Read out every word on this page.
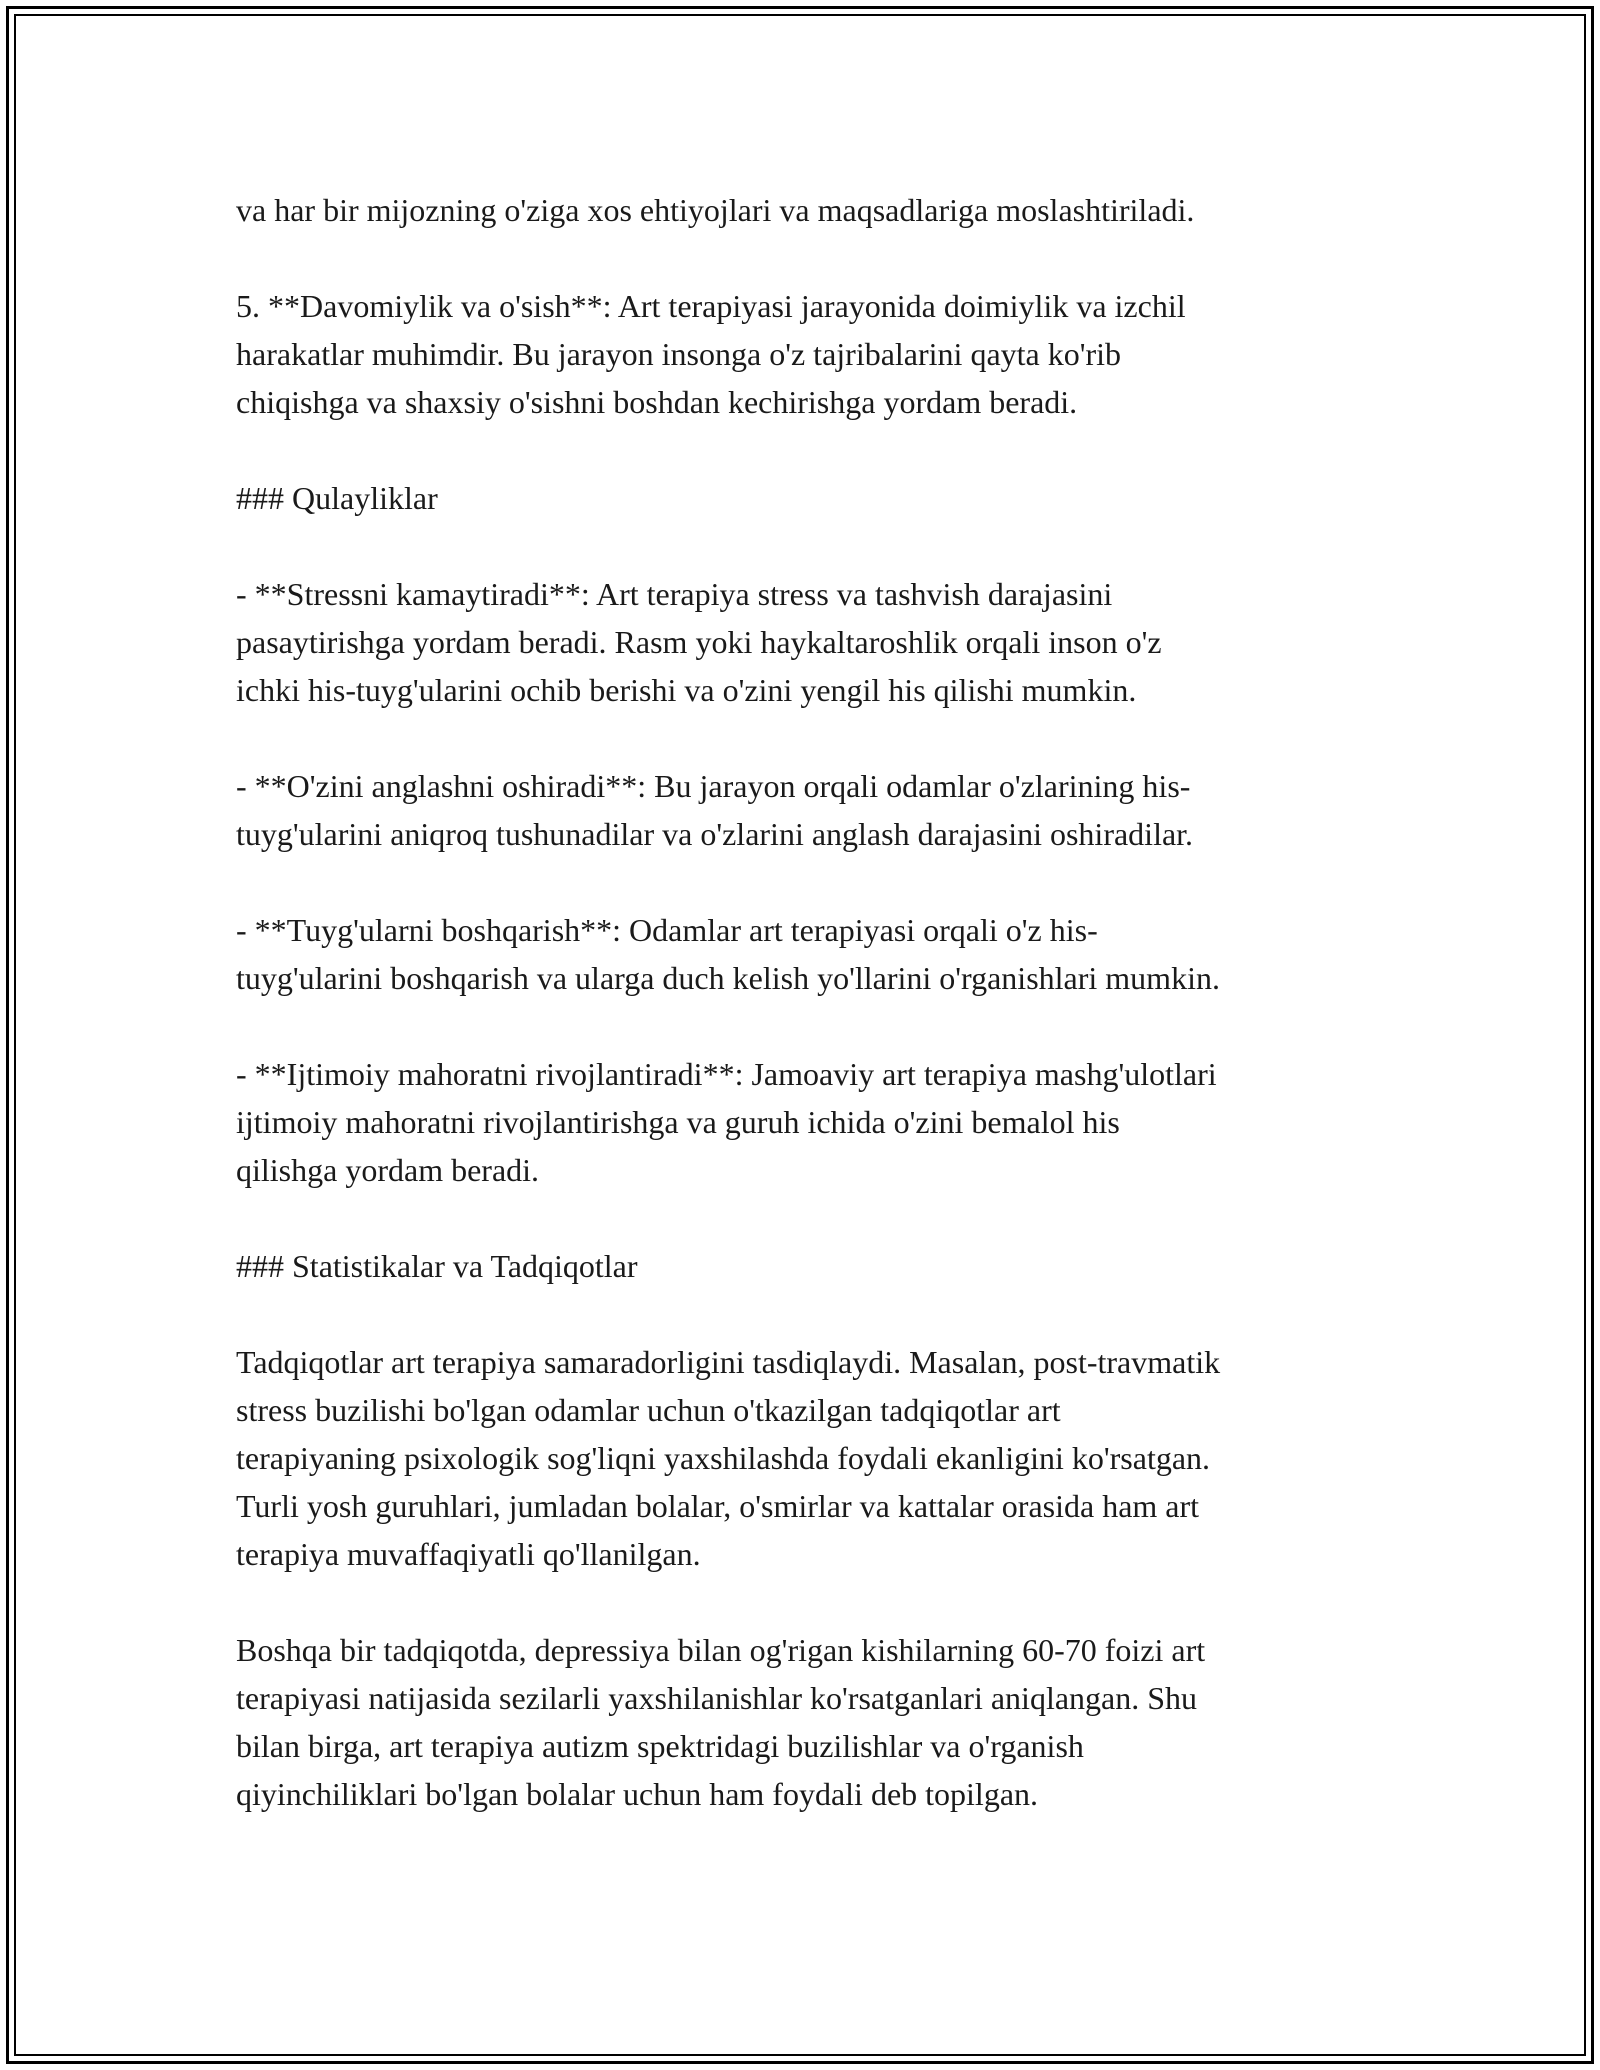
va har bir mijozning o'ziga xos ehtiyojlari va maqsadlariga moslashtiriladi.
5. **Davomiylik va o'sish**: Art terapiyasi jarayonida doimiylik va izchil
harakatlar muhimdir. Bu jarayon insonga o'z tajribalarini qayta ko'rib
chiqishga va shaxsiy o'sishni boshdan kechirishga yordam beradi.
### Qulayliklar
- **Stressni kamaytiradi**: Art terapiya stress va tashvish darajasini
pasaytirishga yordam beradi. Rasm yoki haykaltaroshlik orqali inson o'z
ichki his-tuyg'ularini ochib berishi va o'zini yengil his qilishi mumkin.
- **O'zini anglashni oshiradi**: Bu jarayon orqali odamlar o'zlarining his-
tuyg'ularini aniqroq tushunadilar va o'zlarini anglash darajasini oshiradilar.
- **Tuyg'ularni boshqarish**: Odamlar art terapiyasi orqali o'z his-
tuyg'ularini boshqarish va ularga duch kelish yo'llarini o'rganishlari mumkin.
- **Ijtimoiy mahoratni rivojlantiradi**: Jamoaviy art terapiya mashg'ulotlari
ijtimoiy mahoratni rivojlantirishga va guruh ichida o'zini bemalol his
qilishga yordam beradi.
### Statistikalar va Tadqiqotlar
Tadqiqotlar art terapiya samaradorligini tasdiqlaydi. Masalan, post-travmatik
stress buzilishi bo'lgan odamlar uchun o'tkazilgan tadqiqotlar art
terapiyaning psixologik sog'liqni yaxshilashda foydali ekanligini ko'rsatgan.
Turli yosh guruhlari, jumladan bolalar, o'smirlar va kattalar orasida ham art
terapiya muvaffaqiyatli qo'llanilgan.
Boshqa bir tadqiqotda, depressiya bilan og'rigan kishilarning 60-70 foizi art
terapiyasi natijasida sezilarli yaxshilanishlar ko'rsatganlari aniqlangan. Shu
bilan birga, art terapiya autizm spektridagi buzilishlar va o'rganish
qiyinchiliklari bo'lgan bolalar uchun ham foydali deb topilgan.
